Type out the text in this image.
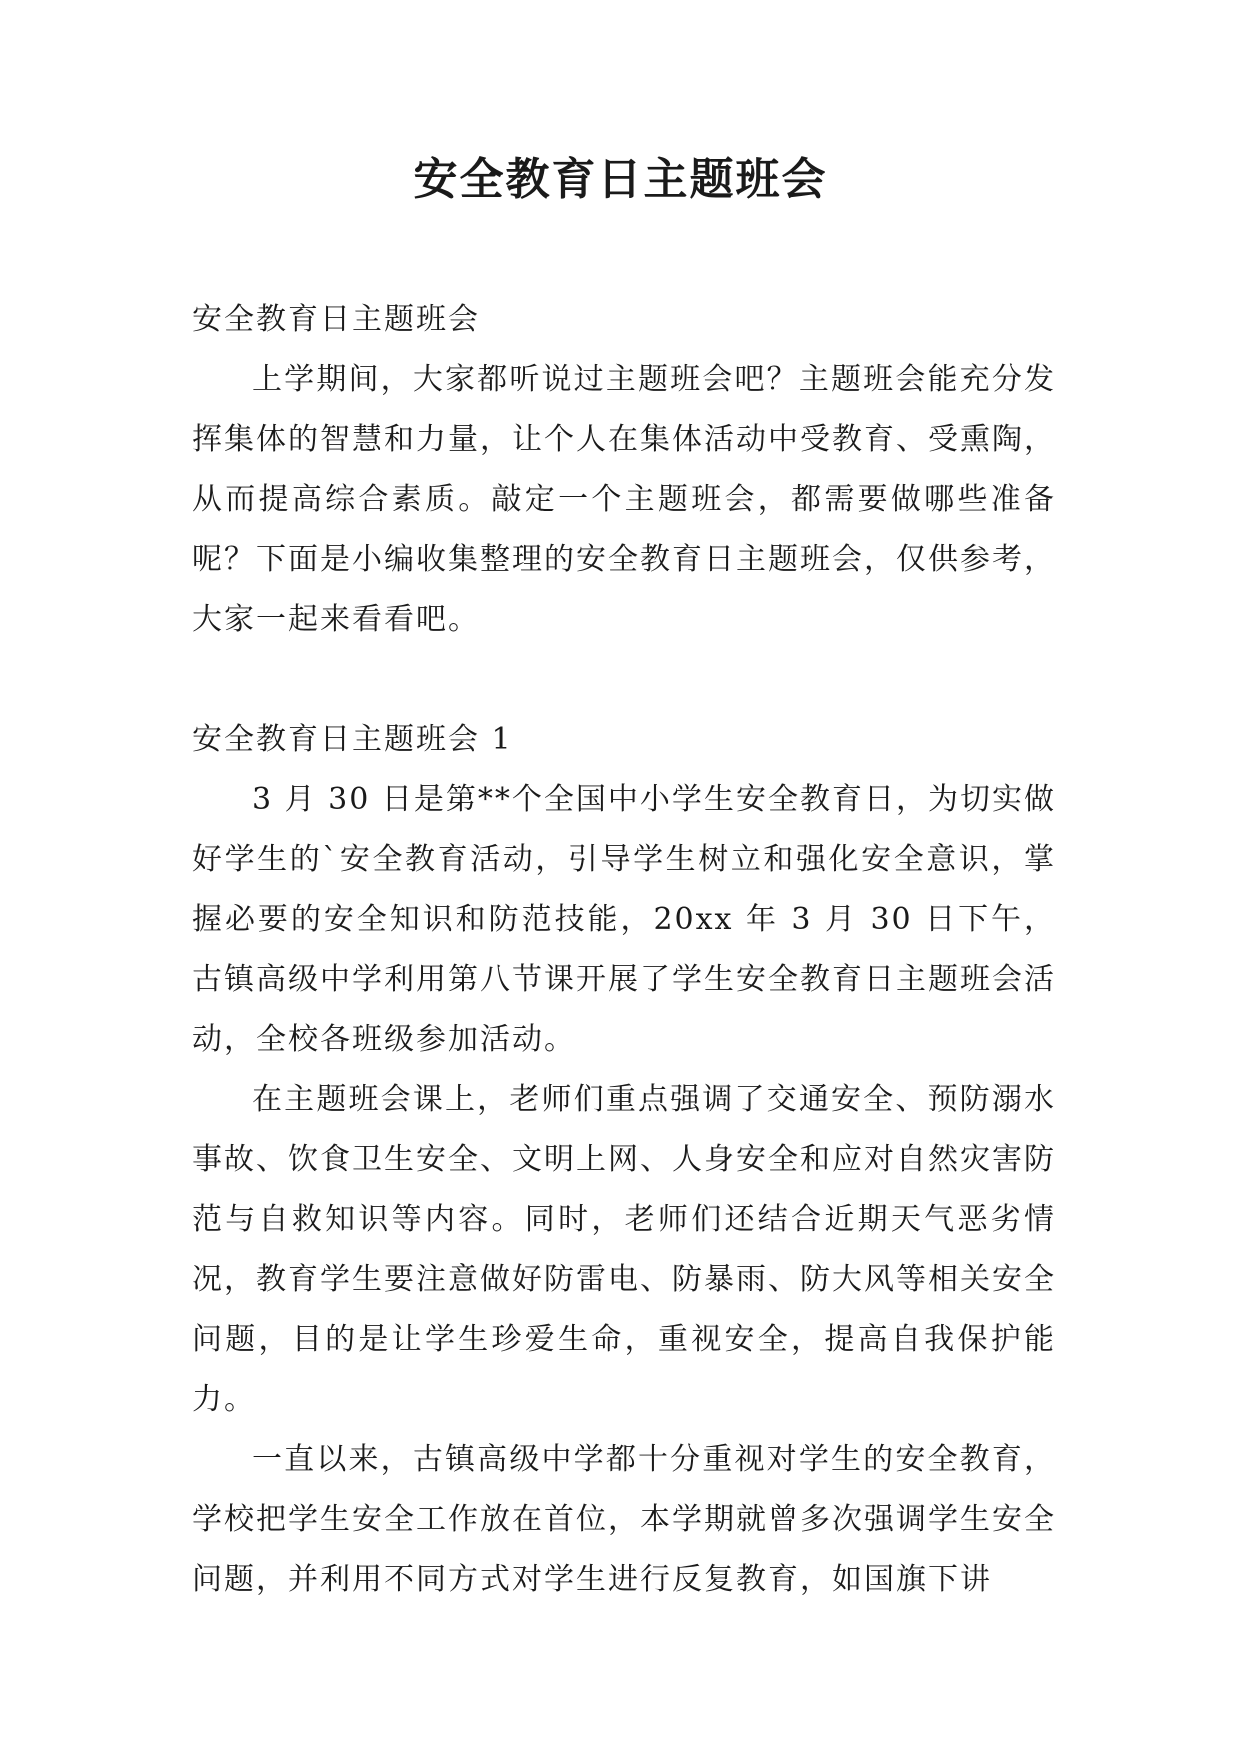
安全教育日主题班会

安全教育日主题班会

上学期间，大家都听说过主题班会吧？主题班会能充分发挥集体的智慧和力量，让个人在集体活动中受教育、受熏陶，从而提高综合素质。敲定一个主题班会，都需要做哪些准备呢？下面是小编收集整理的安全教育日主题班会，仅供参考，大家一起来看看吧。

安全教育日主题班会 1

3 月 30 日是第**个全国中小学生安全教育日，为切实做好学生的`安全教育活动，引导学生树立和强化安全意识，掌握必要的安全知识和防范技能，20xx 年 3 月 30 日下午，古镇高级中学利用第八节课开展了学生安全教育日主题班会活动，全校各班级参加活动。

在主题班会课上，老师们重点强调了交通安全、预防溺水事故、饮食卫生安全、文明上网、人身安全和应对自然灾害防范与自救知识等内容。同时，老师们还结合近期天气恶劣情况，教育学生要注意做好防雷电、防暴雨、防大风等相关安全问题，目的是让学生珍爱生命，重视安全，提高自我保护能力。

一直以来，古镇高级中学都十分重视对学生的安全教育，学校把学生安全工作放在首位，本学期就曾多次强调学生安全问题，并利用不同方式对学生进行反复教育，如国旗下讲
